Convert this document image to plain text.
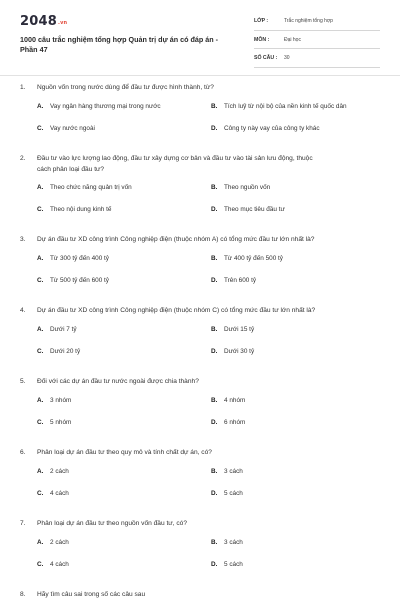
2048.vn
1000 câu trắc nghiệm tổng hợp Quản trị dự án có đáp án - Phần 47
LỚP :	Trắc nghiệm tổng hợp
MÔN :	Đại học
SỐ CÂU : 30
1. Nguồn vốn trong nước dùng để đầu tư được hình thành, từ?
A. Vay ngân hàng thương mại trong nước	B. Tích luỹ từ nội bộ của nền kinh tế quốc dân
C. Vay nước ngoài	D. Công ty này vay của công ty khác
2. Đầu tư vào lực lượng lao động, đầu tư xây dựng cơ bản và đầu tư vào tài sản lưu động, thuộc
cách phân loại đầu tư?
A. Theo chức năng quản trị vốn	B. Theo nguồn vốn
C. Theo nội dung kinh tế	D. Theo mục tiêu đầu tư
3. Dự án đầu tư XD công trình Công nghiệp điện (thuộc nhóm A) có tổng mức đầu tư lớn nhất là?
A. Từ 300 tỷ đến 400 tỷ	B. Từ 400 tỷ đến 500 tỷ
C. Từ 500 tỷ đến 600 tỷ	D. Trên 600 tỷ
4. Dự án đầu tư XD công trình Công nghiệp điện (thuộc nhóm C) có tổng mức đầu tư lớn nhất là?
A. Dưới 7 tỷ	B. Dưới 15 tỷ
C. Dưới 20 tỷ	D. Dưới 30 tỷ
5. Đối với các dự án đầu tư nước ngoài được chia thành?
A. 3 nhóm	B. 4 nhóm
C. 5 nhóm	D. 6 nhóm
6. Phân loại dự án đầu tư theo quy mô và tính chất dự án, có?
A. 2 cách	B. 3 cách
C. 4 cách	D. 5 cách
7. Phân loại dự án đầu tư theo nguồn vốn đầu tư, có?
A. 2 cách	B. 3 cách
C. 4 cách	D. 5 cách
8. Hãy tìm câu sai trong số các câu sau
